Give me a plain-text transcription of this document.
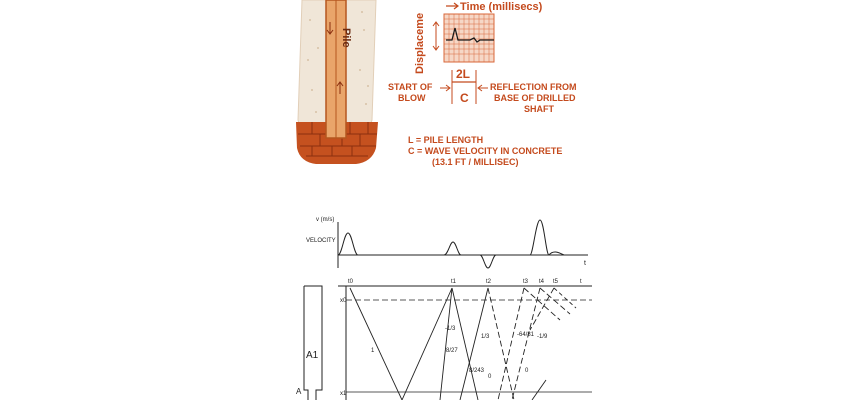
Pile	Displaceme
Time (millisecs)
2L
C
START OF
BLOW
REFLECTION FROM
BASE OF DRILLED
SHAFT
L = PILE LENGTH
C = WAVE VELOCITY IN CONCRETE
(13.1 FT / MILLISEC)
v (m/s)
VELOCITY
t
t0	t1	t2	t3 t4 t5	t
x0
x1
A1
A
1
-1/3
8/27
1/3	-64/81 -1/9
8/243
0
0
